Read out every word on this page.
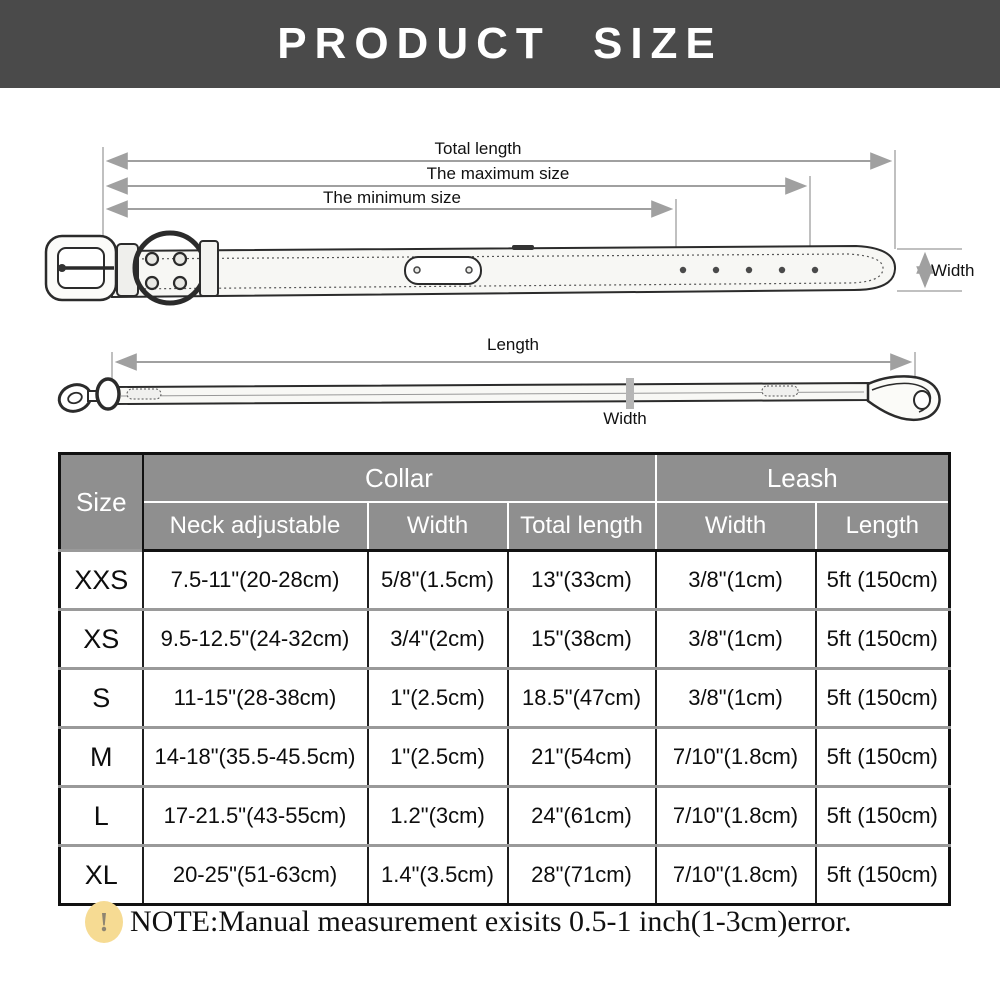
PRODUCT SIZE
Total length
The maximum size
The minimum size
Width
Length
Width
Size	Collar			Leash	
	Neck adjustable	Width	Total length	Width	Length
XXS	7.5-11"(20-28cm)	5/8"(1.5cm)	13"(33cm)	3/8"(1cm)	5ft (150cm)
XS	9.5-12.5"(24-32cm)	3/4"(2cm)	15"(38cm)	3/8"(1cm)	5ft (150cm)
S	11-15"(28-38cm)	1"(2.5cm)	18.5"(47cm)	3/8"(1cm)	5ft (150cm)
M	14-18"(35.5-45.5cm)	1"(2.5cm)	21"(54cm)	7/10"(1.8cm)	5ft (150cm)
L	17-21.5"(43-55cm)	1.2"(3cm)	24"(61cm)	7/10"(1.8cm)	5ft (150cm)
XL	20-25"(51-63cm)	1.4"(3.5cm)	28"(71cm)	7/10"(1.8cm)	5ft (150cm)
! NOTE:Manual measurement exisits 0.5-1 inch(1-3cm)error.
